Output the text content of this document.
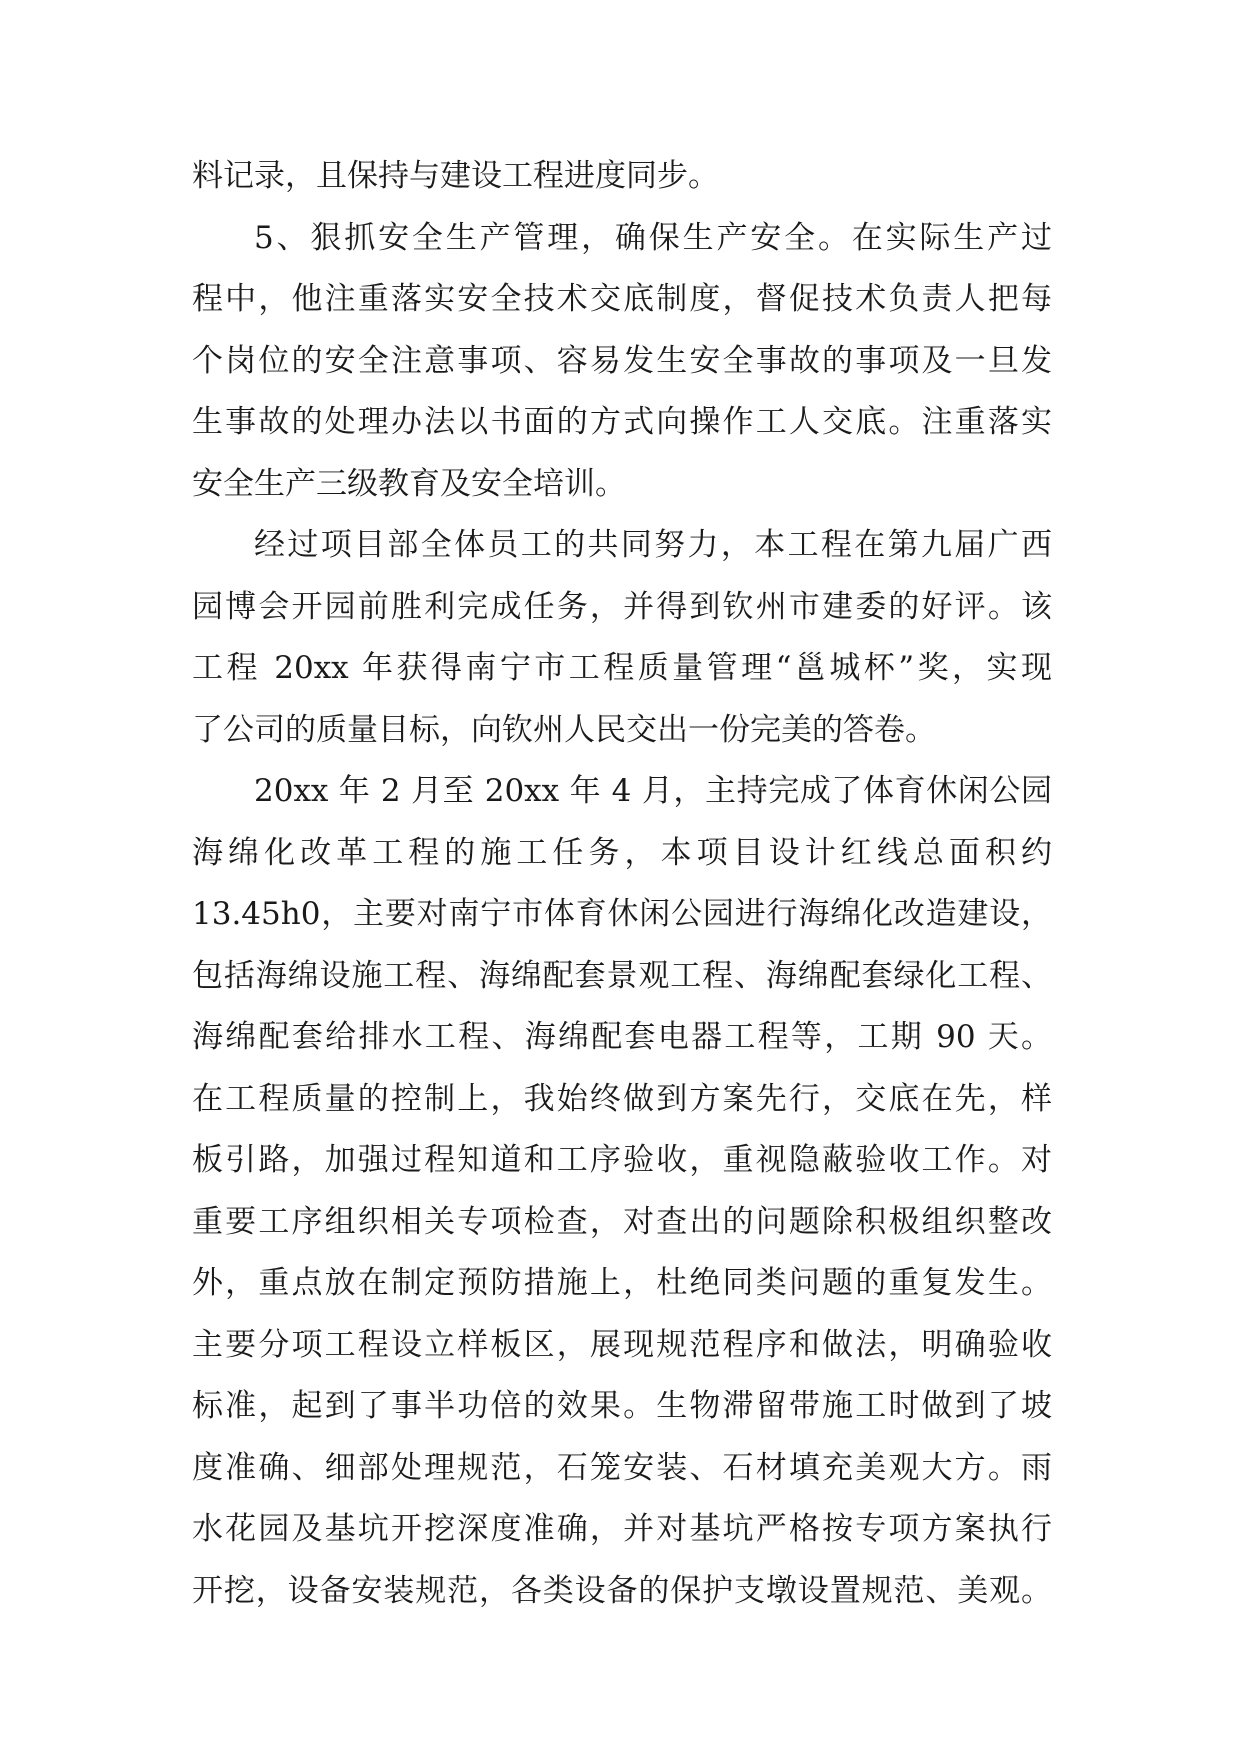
料记录，且保持与建设工程进度同步。
5、狠抓安全生产管理，确保生产安全。在实际生产过
程中，他注重落实安全技术交底制度，督促技术负责人把每
个岗位的安全注意事项、容易发生安全事故的事项及一旦发
生事故的处理办法以书面的方式向操作工人交底。注重落实
安全生产三级教育及安全培训。
经过项目部全体员工的共同努力，本工程在第九届广西
园博会开园前胜利完成任务，并得到钦州市建委的好评。该
工程 20xx 年获得南宁市工程质量管理“邕城杯”奖，实现
了公司的质量目标，向钦州人民交出一份完美的答卷。
20xx 年 2 月至 20xx 年 4 月，主持完成了体育休闲公园
海绵化改革工程的施工任务，本项目设计红线总面积约
13.45h0，主要对南宁市体育休闲公园进行海绵化改造建设，
包括海绵设施工程、海绵配套景观工程、海绵配套绿化工程、
海绵配套给排水工程、海绵配套电器工程等，工期 90 天。
在工程质量的控制上，我始终做到方案先行，交底在先，样
板引路，加强过程知道和工序验收，重视隐蔽验收工作。对
重要工序组织相关专项检查，对查出的问题除积极组织整改
外，重点放在制定预防措施上，杜绝同类问题的重复发生。
主要分项工程设立样板区，展现规范程序和做法，明确验收
标准，起到了事半功倍的效果。生物滞留带施工时做到了坡
度准确、细部处理规范，石笼安装、石材填充美观大方。雨
水花园及基坑开挖深度准确，并对基坑严格按专项方案执行
开挖，设备安装规范，各类设备的保护支墩设置规范、美观。
